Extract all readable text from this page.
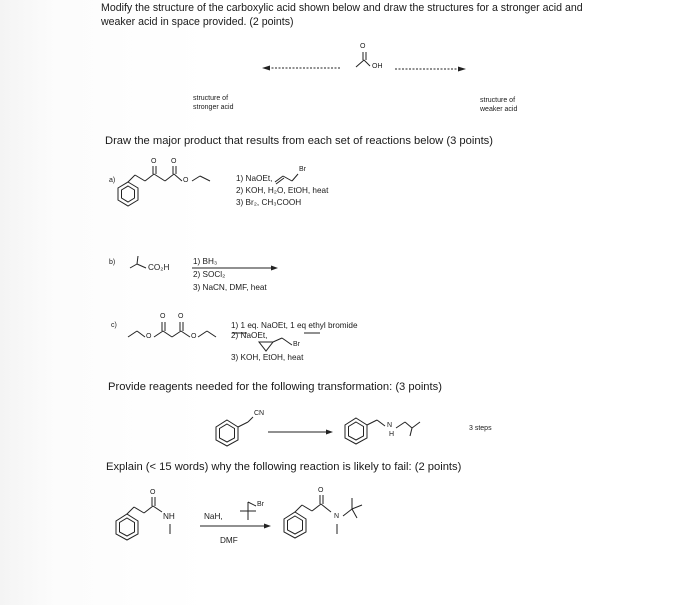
Modify the structure of the carboxylic acid shown below and draw the structures for a stronger acid and
weaker acid in space provided. (2 points)
O
OH
structure of
stronger acid
structure of
weaker acid
Draw the major product that results from each set of reactions below (3 points)
a)
O O
O
Br
1) NaOEt,
2) KOH, H₂O, EtOH, heat
3) Br₂, CH₃COOH
b)
CO₂H
1) BH₃
2) SOCl₂
3) NaCN, DMF, heat
c)
O
O O
O
1) 1 eq. NaOEt, 1 eq ethyl bromide
2) NaOEt,
Br
3) KOH, EtOH, heat
Provide reagents needed for the following transformation: (3 points)
CN
N
H
3 steps
Explain (< 15 words) why the following reaction is likely to fail: (2 points)
O
NH	NaH,
Br
DMF
O
N
